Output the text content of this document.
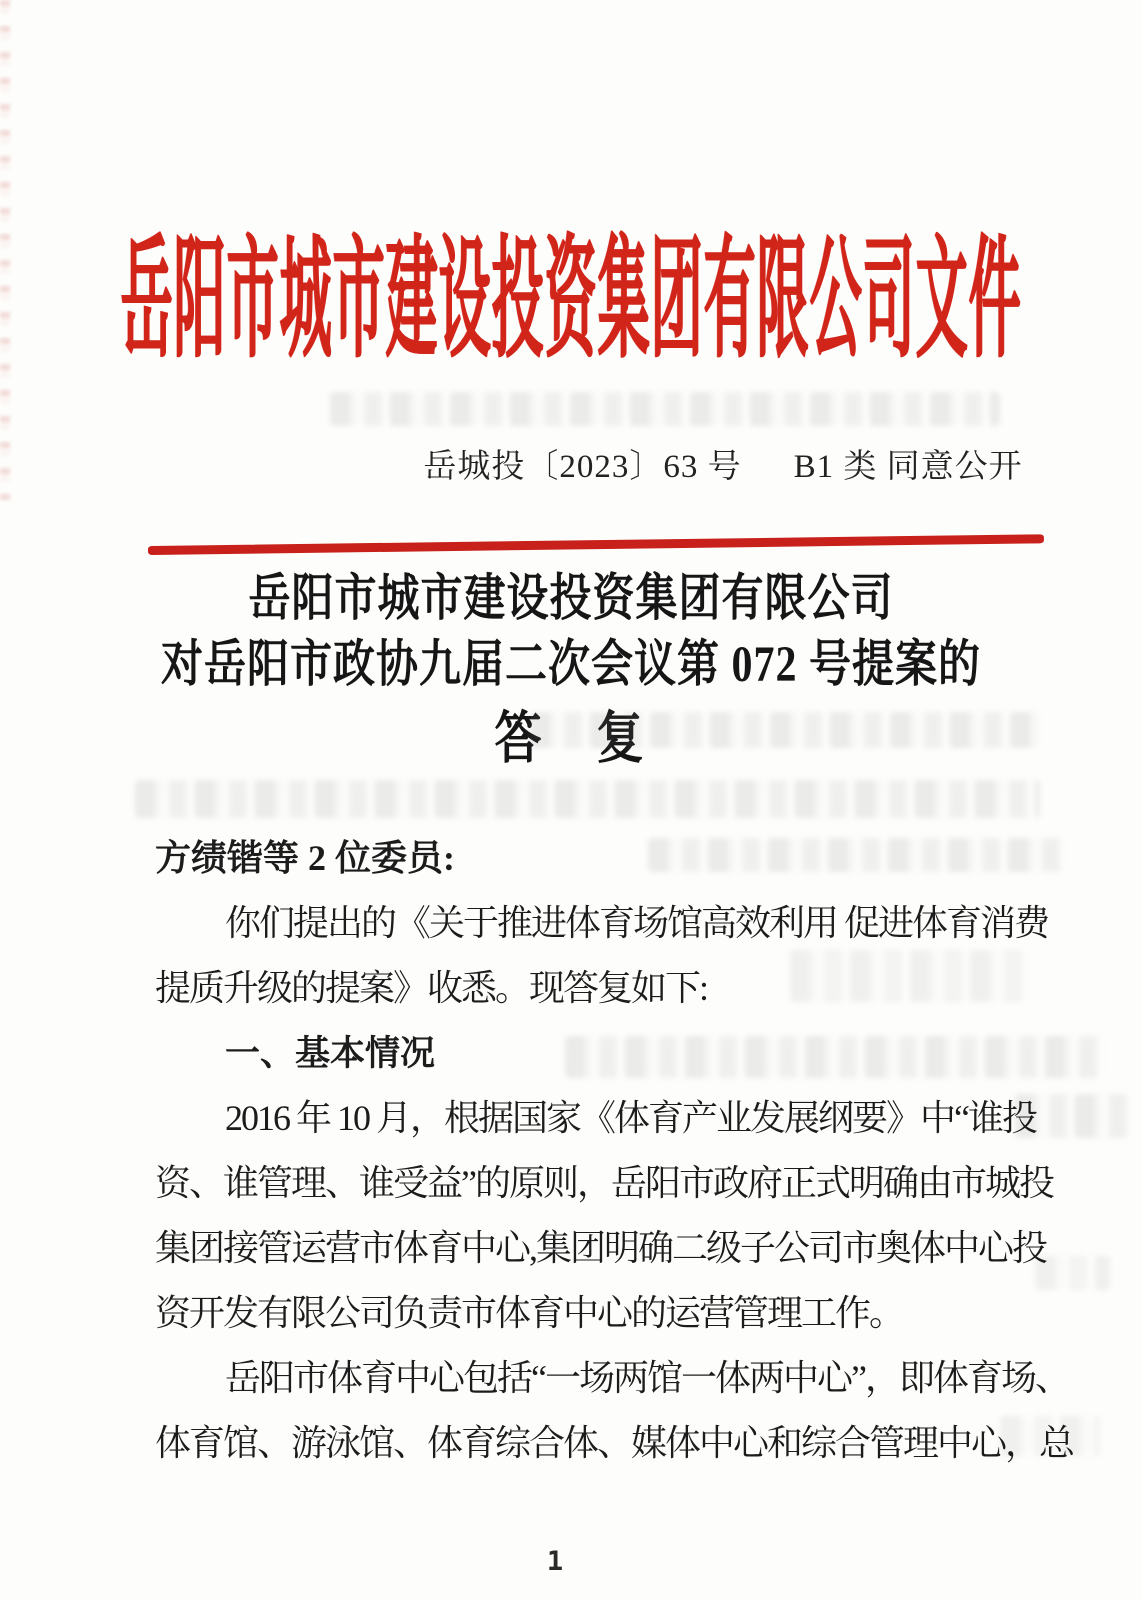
岳阳市城市建设投资集团有限公司文件
岳城投〔2023〕63 号 B1 类 同意公开
岳阳市城市建设投资集团有限公司
对岳阳市政协九届二次会议第 072 号提案的
答　复
方绩锴等 2 位委员:
你们提出的《关于推进体育场馆高效利用 促进体育消费
提质升级的提案》收悉。现答复如下:
一、基本情况
2016 年 10 月，根据国家《体育产业发展纲要》中“谁投
资、谁管理、谁受益”的原则，岳阳市政府正式明确由市城投
集团接管运营市体育中心,集团明确二级子公司市奥体中心投
资开发有限公司负责市体育中心的运营管理工作。
岳阳市体育中心包括“一场两馆一体两中心”，即体育场、
体育馆、游泳馆、体育综合体、媒体中心和综合管理中心，总
1
